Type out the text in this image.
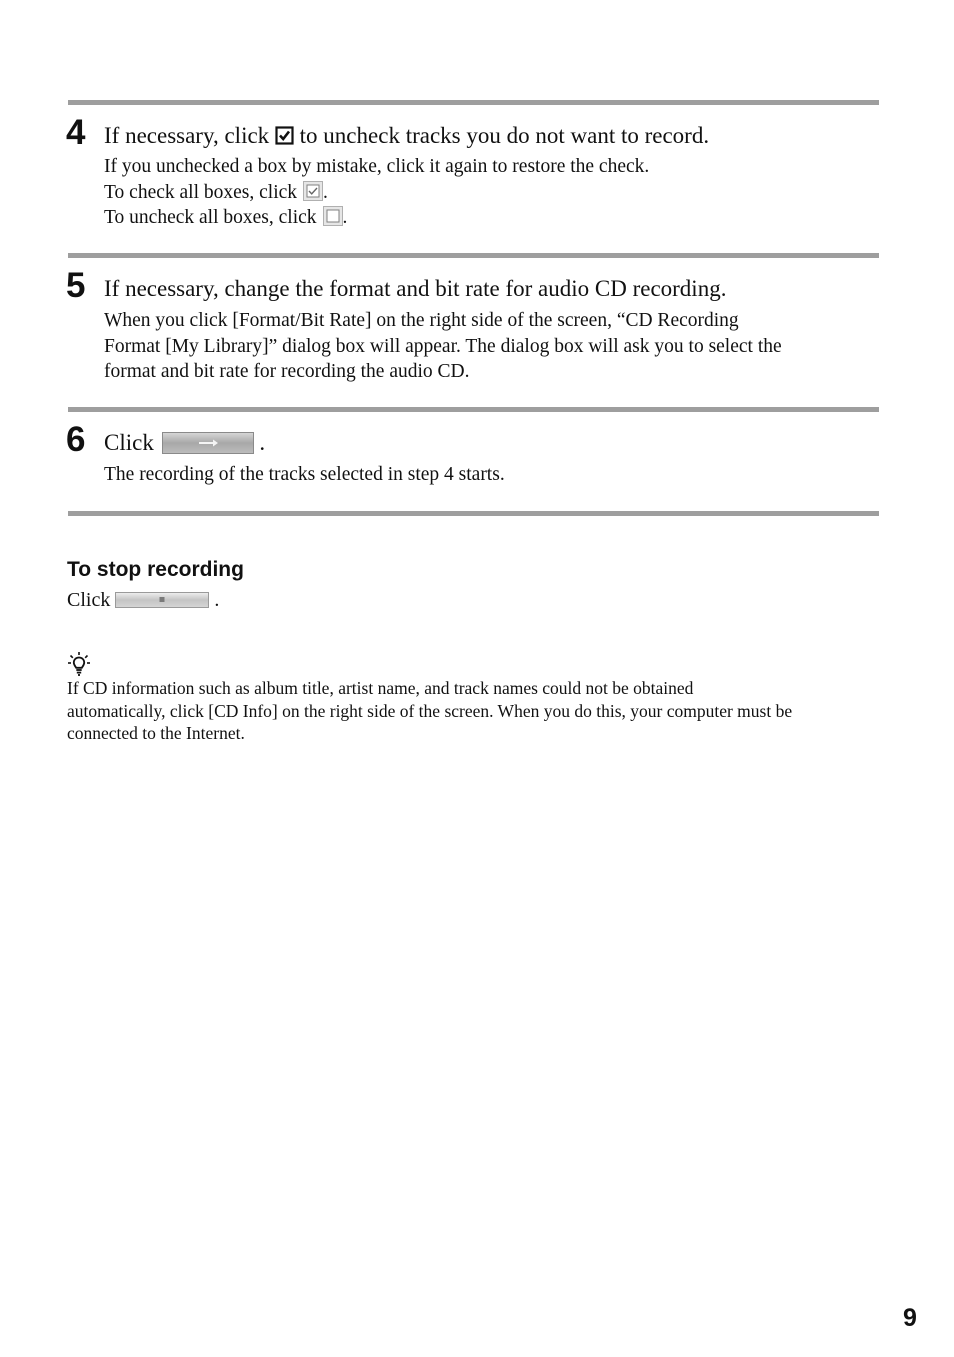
4 If necessary, click to uncheck tracks you do not want to record.
If you unchecked a box by mistake, click it again to restore the check.
To check all boxes, click .
To uncheck all boxes, click .
5 If necessary, change the format and bit rate for audio CD recording.
When you click [Format/Bit Rate] on the right side of the screen, “CD Recording
Format [My Library]” dialog box will appear. The dialog box will ask you to select the
format and bit rate for recording the audio CD.
6 Click	.
The recording of the tracks selected in step 4 starts.
To stop recording
Click	.
If CD information such as album title, artist name, and track names could not be obtained
automatically, click [CD Info] on the right side of the screen. When you do this, your computer must be
connected to the Internet.
9
